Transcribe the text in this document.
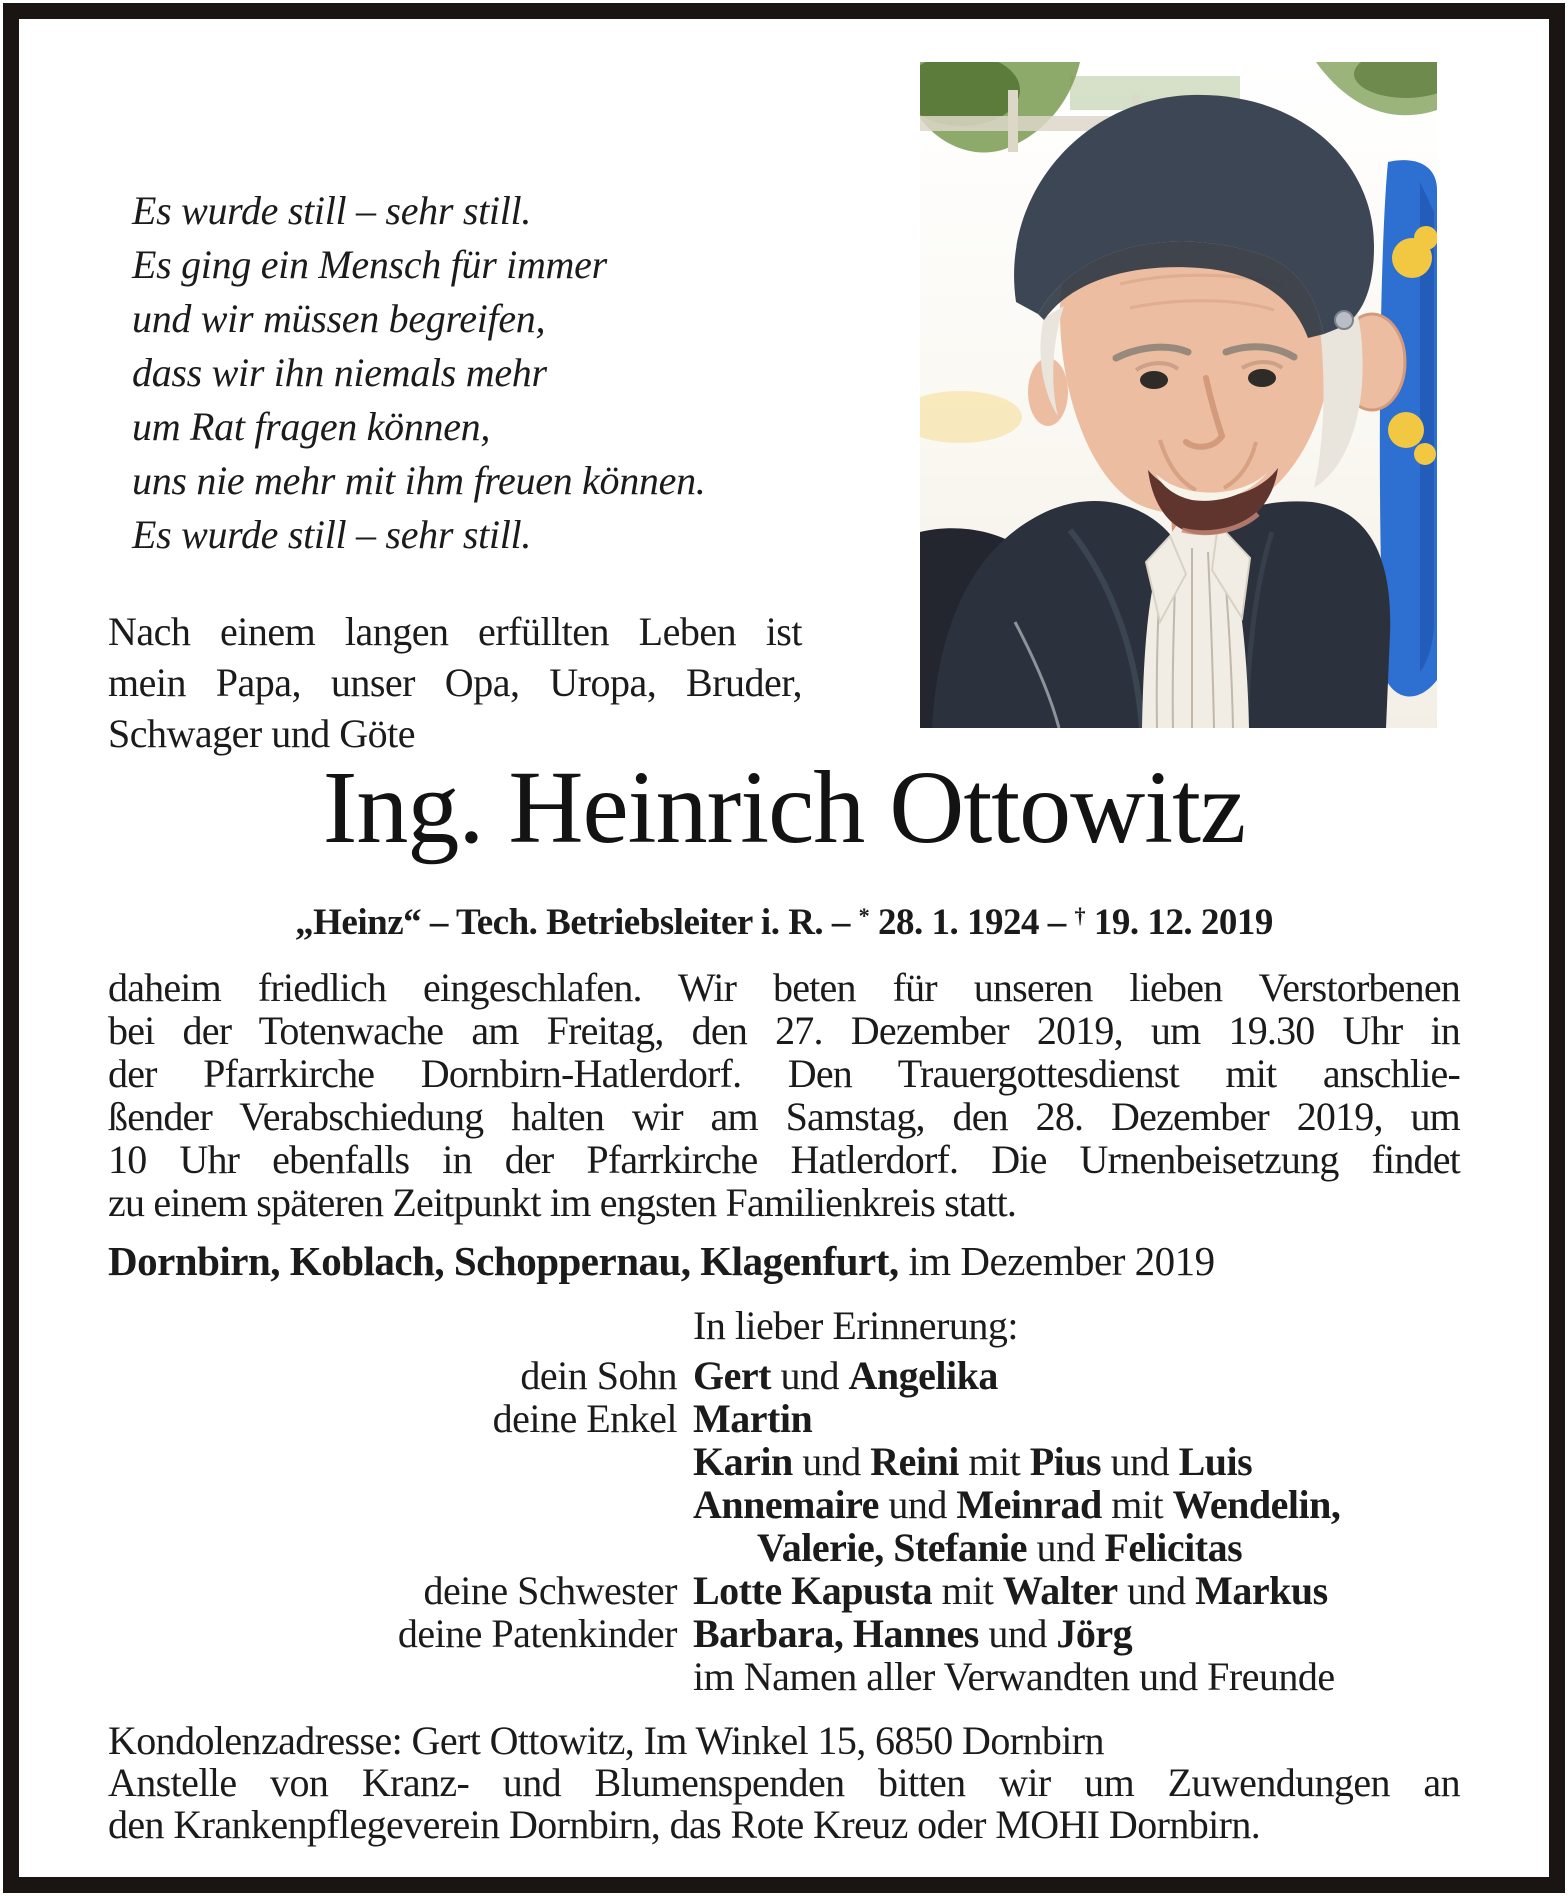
Es wurde still – sehr still.
Es ging ein Mensch für immer
und wir müssen begreifen,
dass wir ihn niemals mehr
um Rat fragen können,
uns nie mehr mit ihm freuen können.
Es wurde still – sehr still.
Nach einem langen erfüllten Leben ist
mein Papa, unser Opa, Uropa, Bruder,
Schwager und Göte
Ing. Heinrich Ottowitz
„Heinz“ – Tech. Betriebsleiter i. R. – * 28. 1. 1924 – † 19. 12. 2019
daheim friedlich eingeschlafen. Wir beten für unseren lieben Verstorbenen
bei der Totenwache am Freitag, den 27. Dezember 2019, um 19.30 Uhr in
der Pfarrkirche Dornbirn-Hatlerdorf. Den Trauergottesdienst mit anschlie-
ßender Verabschiedung halten wir am Samstag, den 28. Dezember 2019, um
10 Uhr ebenfalls in der Pfarrkirche Hatlerdorf. Die Urnenbeisetzung findet
zu einem späteren Zeitpunkt im engsten Familienkreis statt.
Dornbirn, Koblach, Schoppernau, Klagenfurt, im Dezember 2019
In lieber Erinnerung:
dein Sohn Gert und Angelika
deine Enkel Martin
Karin und Reini mit Pius und Luis
Annemaire und Meinrad mit Wendelin,
Valerie, Stefanie und Felicitas
deine Schwester Lotte Kapusta mit Walter und Markus
deine Patenkinder Barbara, Hannes und Jörg
im Namen aller Verwandten und Freunde
Kondolenzadresse: Gert Ottowitz, Im Winkel 15, 6850 Dornbirn
Anstelle von Kranz- und Blumenspenden bitten wir um Zuwendungen an
den Krankenpflegeverein Dornbirn, das Rote Kreuz oder MOHI Dornbirn.
